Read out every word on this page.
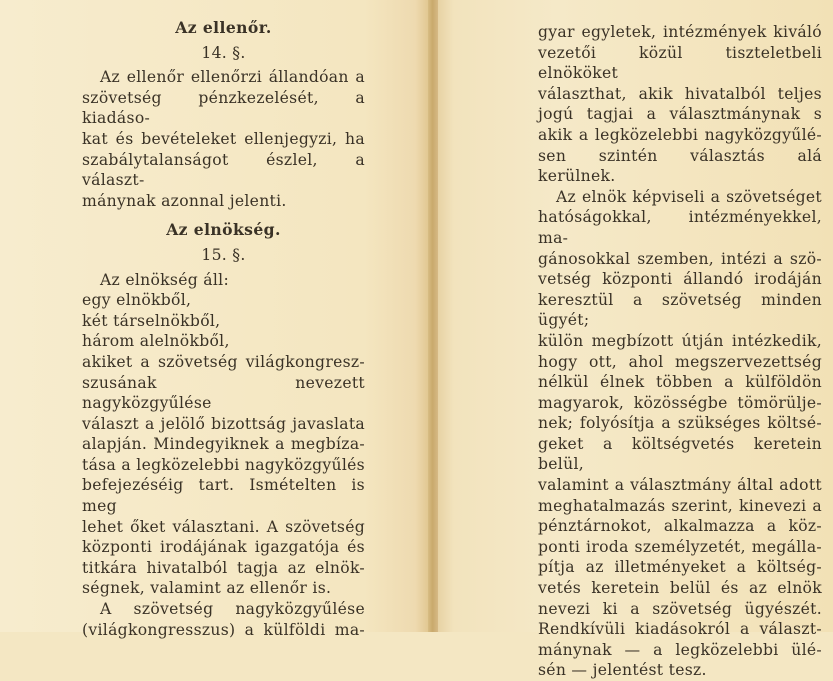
Az ellenőr.

14. §.

Az ellenőr ellenőrzi állandóan a
szövetség pénzkezelését, a kiadáso-
kat és bevételeket ellenjegyzi, ha
szabálytalanságot észlel, a választ-
mánynak azonnal jelenti.

Az elnökség.

15. §.

Az elnökség áll:
egy elnökből,
két társelnökből,
három alelnökből,
akiket a szövetség világkongresz-
szusának nevezett nagyközgyűlése
választ a jelölő bizottság javaslata
alapján. Mindegyiknek a megbíza-
tása a legközelebbi nagyközgyűlés
befejezéséig tart. Ismételten is meg
lehet őket választani. A szövetség
központi irodájának igazgatója és
titkára hivatalból tagja az elnök-
ségnek, valamint az ellenőr is.
A szövetség nagyközgyűlése
(világkongresszus) a külföldi ma-
gyar egyletek, intézmények kiváló
vezetői közül tiszteletbeli elnököket
választhat, akik hivatalból teljes
jogú tagjai a választmánynak s
akik a legközelebbi nagyközgyűlé-
sen szintén választás alá kerülnek.
Az elnök képviseli a szövetséget
hatóságokkal, intézményekkel, ma-
gánosokkal szemben, intézi a szö-
vetség központi állandó irodáján
keresztül a szövetség minden ügyét;
külön megbízott útján intézkedik,
hogy ott, ahol megszervezettség
nélkül élnek többen a külföldön
magyarok, közösségbe tömörülje-
nek; folyósítja a szükséges költsé-
geket a költségvetés keretein belül,
valamint a választmány által adott
meghatalmazás szerint, kinevezi a
pénztárnokot, alkalmazza a köz-
ponti iroda személyzetét, megálla-
pítja az illetményeket a költség-
vetés keretein belül és az elnök
nevezi ki a szövetség ügyészét.
Rendkívüli kiadásokról a választ-
mánynak — a legközelebbi ülé-
sén — jelentést tesz.
